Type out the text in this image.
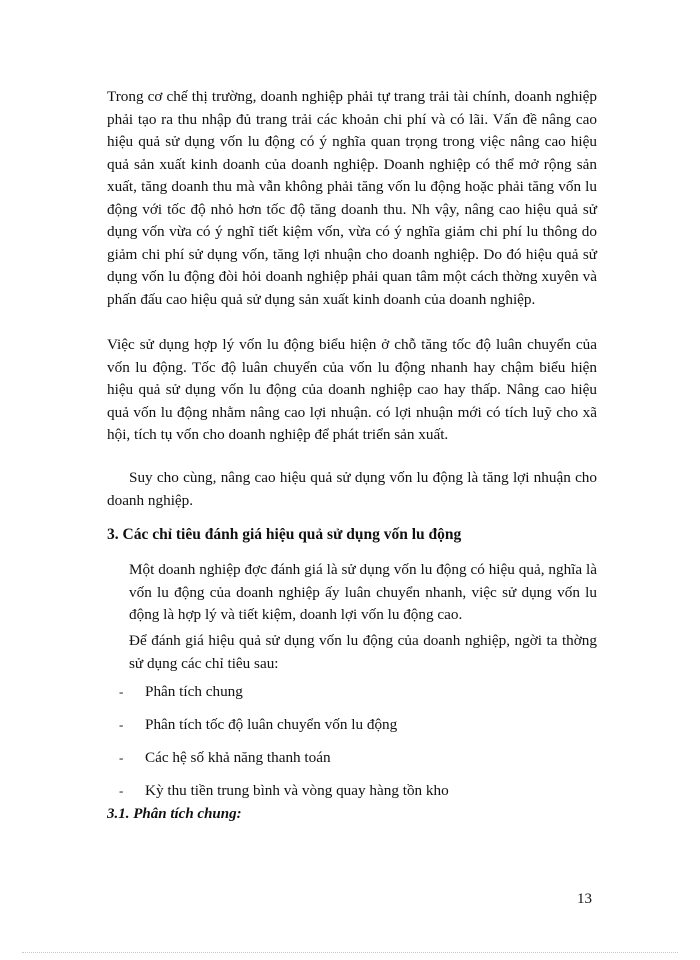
Trong cơ chế thị trường, doanh nghiệp phải tự trang trải tài chính, doanh nghiệp phải tạo ra thu nhập đủ trang trải các khoản chi phí và có lãi. Vấn đề nâng cao hiệu quả sử dụng vốn lu động có ý nghĩa quan trọng trong việc nâng cao hiệu quả sản xuất kinh doanh của doanh nghiệp. Doanh nghiệp có thể mở rộng sản xuất, tăng doanh thu mà vẫn không phải tăng vốn lu động hoặc phải tăng vốn lu động với tốc độ nhỏ hơn tốc độ tăng doanh thu. Nh vậy, nâng cao hiệu quả sử dụng vốn vừa có ý nghĩ tiết kiệm vốn, vừa có ý nghĩa giảm chi phí lu thông do giảm chi phí sử dụng vốn, tăng lợi nhuận cho doanh nghiệp. Do đó hiệu quả sử dụng vốn lu động đòi hỏi doanh nghiệp phải quan tâm một cách thờng xuyên và phấn đấu cao hiệu quả sử dụng sản xuất kinh doanh của doanh nghiệp.

Việc sử dụng hợp lý vốn lu động biểu hiện ở chỗ tăng tốc độ luân chuyển của vốn lu động. Tốc độ luân chuyển của vốn lu động nhanh hay chậm biểu hiện hiệu quả sử dụng vốn lu động của doanh nghiệp cao hay thấp. Nâng cao hiệu quả vốn lu động nhằm nâng cao lợi nhuận. có lợi nhuận mới có tích luỹ cho xã hội, tích tụ vốn cho doanh nghiệp để phát triển sản xuất.

Suy cho cùng, nâng cao hiệu quả sử dụng vốn lu động là tăng lợi nhuận cho doanh nghiệp.

3. Các chỉ tiêu đánh giá hiệu quả sử dụng vốn lu động

Một doanh nghiệp đợc đánh giá là sử dụng vốn lu động có hiệu quả, nghĩa là vốn lu động của doanh nghiệp ấy luân chuyển nhanh, việc sử dụng vốn lu động là hợp lý và tiết kiệm, doanh lợi vốn lu động cao.

Để đánh giá hiệu quả sử dụng vốn lu động của doanh nghiệp, ngời ta thờng sử dụng các chỉ tiêu sau:

- Phân tích chung
- Phân tích tốc độ luân chuyển vốn lu động
- Các hệ số khả năng thanh toán
- Kỳ thu tiền trung bình và vòng quay hàng tồn kho

3.1. Phân tích chung:

13
